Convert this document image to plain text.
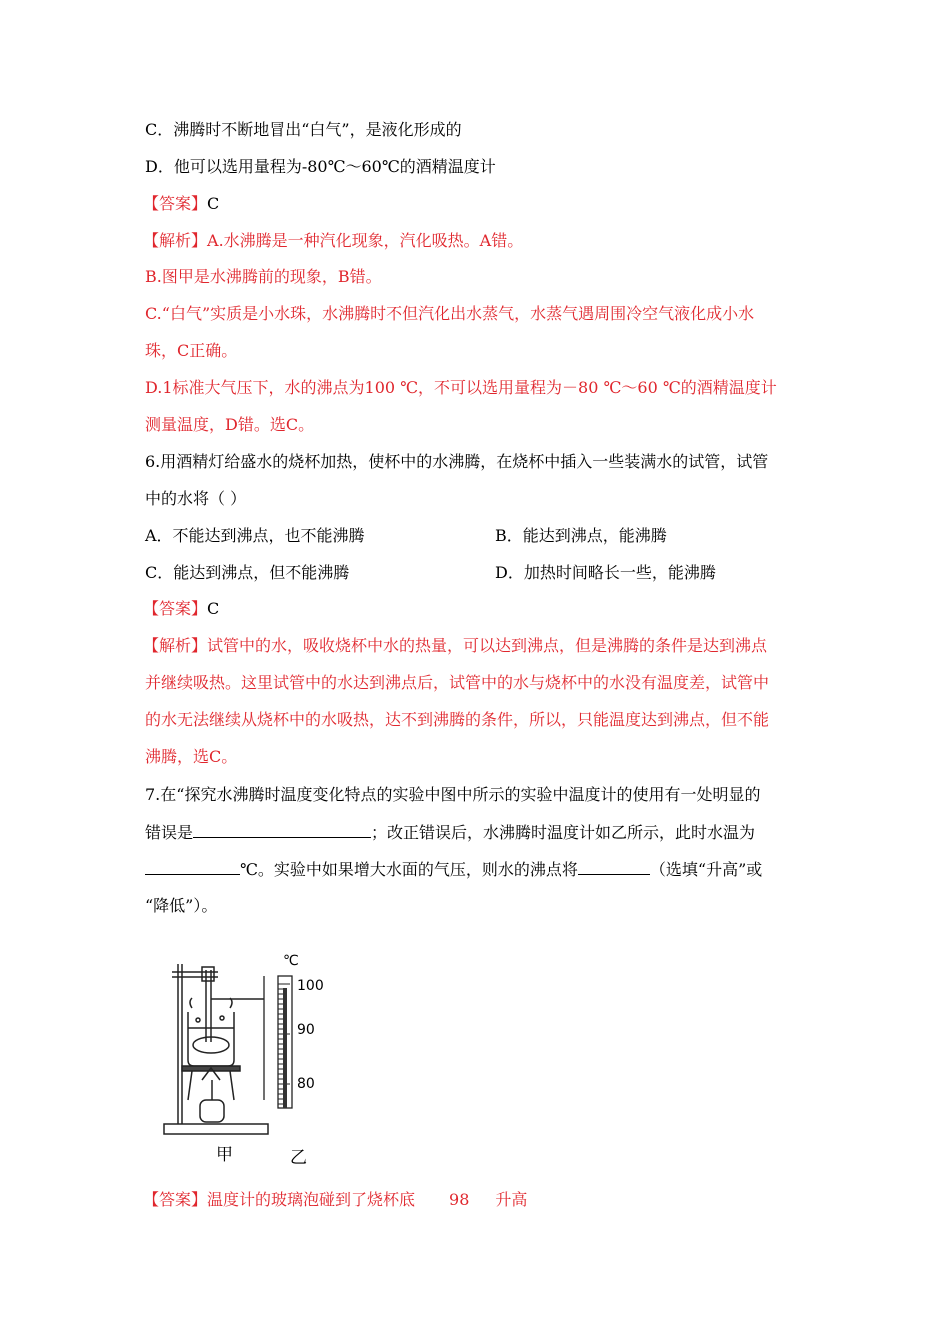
C．沸腾时不断地冒出“白气”，是液化形成的
D．他可以选用量程为-80℃～60℃的酒精温度计
【答案】C
【解析】A.水沸腾是一种汽化现象，汽化吸热。A错。
B.图甲是水沸腾前的现象，B错。
C.“白气”实质是小水珠，水沸腾时不但汽化出水蒸气，水蒸气遇周围冷空气液化成小水
珠，C正确。
D.1标准大气压下，水的沸点为100 ℃，不可以选用量程为－80 ℃～60 ℃的酒精温度计
测量温度，D错。选C。
6.用酒精灯给盛水的烧杯加热，使杯中的水沸腾，在烧杯中插入一些装满水的试管，试管
中的水将（ ）
A．不能达到沸点，也不能沸腾	B．能达到沸点，能沸腾
C．能达到沸点，但不能沸腾	D．加热时间略长一些，能沸腾
【答案】C
【解析】试管中的水，吸收烧杯中水的热量，可以达到沸点，但是沸腾的条件是达到沸点
并继续吸热。这里试管中的水达到沸点后，试管中的水与烧杯中的水没有温度差，试管中
的水无法继续从烧杯中的水吸热，达不到沸腾的条件，所以，只能温度达到沸点，但不能
沸腾，选C。
7.在“探究水沸腾时温度变化特点的实验中图中所示的实验中温度计的使用有一处明显的
错误是	；改正错误后，水沸腾时温度计如乙所示，此时水温为
℃。实验中如果增大水面的气压，则水的沸点将	（选填“升高”或
“降低”）。
℃
100
90
80
甲	乙
【答案】温度计的玻璃泡碰到了烧杯底 98 升高
